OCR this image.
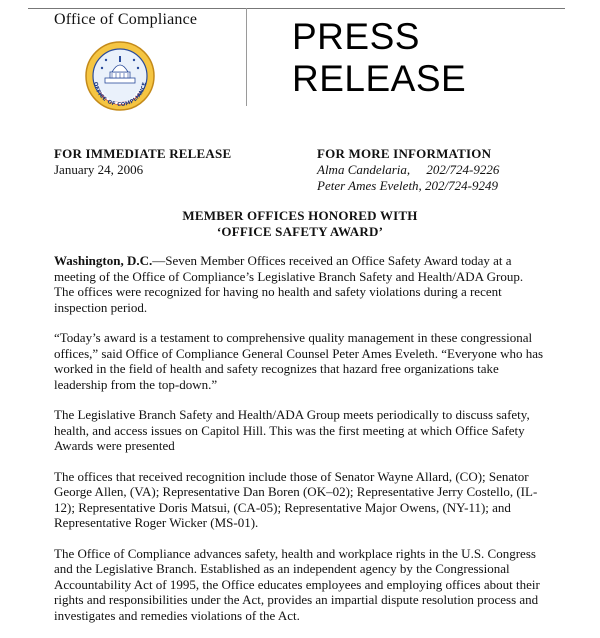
Office of Compliance
OFFICE OF COMPLIANCE
PRESS
RELEASE
FOR IMMEDIATE RELEASE
January 24, 2006
FOR MORE INFORMATION
Alma Candelaria,     202/724-9226
Peter Ames Eveleth, 202/724-9249
MEMBER OFFICES HONORED WITH
‘OFFICE SAFETY AWARD’

Washington, D.C.—Seven Member Offices received an Office Safety Award today at a meeting of the Office of Compliance’s Legislative Branch Safety and Health/ADA Group. The offices were recognized for having no health and safety violations during a recent inspection period.

“Today’s award is a testament to comprehensive quality management in these congressional offices,” said Office of Compliance General Counsel Peter Ames Eveleth. “Everyone who has worked in the field of health and safety recognizes that hazard free organizations take leadership from the top-down.”

The Legislative Branch Safety and Health/ADA Group meets periodically to discuss safety, health, and access issues on Capitol Hill. This was the first meeting at which Office Safety Awards were presented

The offices that received recognition include those of Senator Wayne Allard, (CO); Senator George Allen, (VA); Representative Dan Boren (OK–02); Representative Jerry Costello, (IL-12); Representative Doris Matsui, (CA-05); Representative Major Owens, (NY-11); and Representative Roger Wicker (MS-01).

The Office of Compliance advances safety, health and workplace rights in the U.S. Congress and the Legislative Branch. Established as an independent agency by the Congressional Accountability Act of 1995, the Office educates employees and employing offices about their rights and responsibilities under the Act, provides an impartial dispute resolution process and investigates and remedies violations of the Act.
